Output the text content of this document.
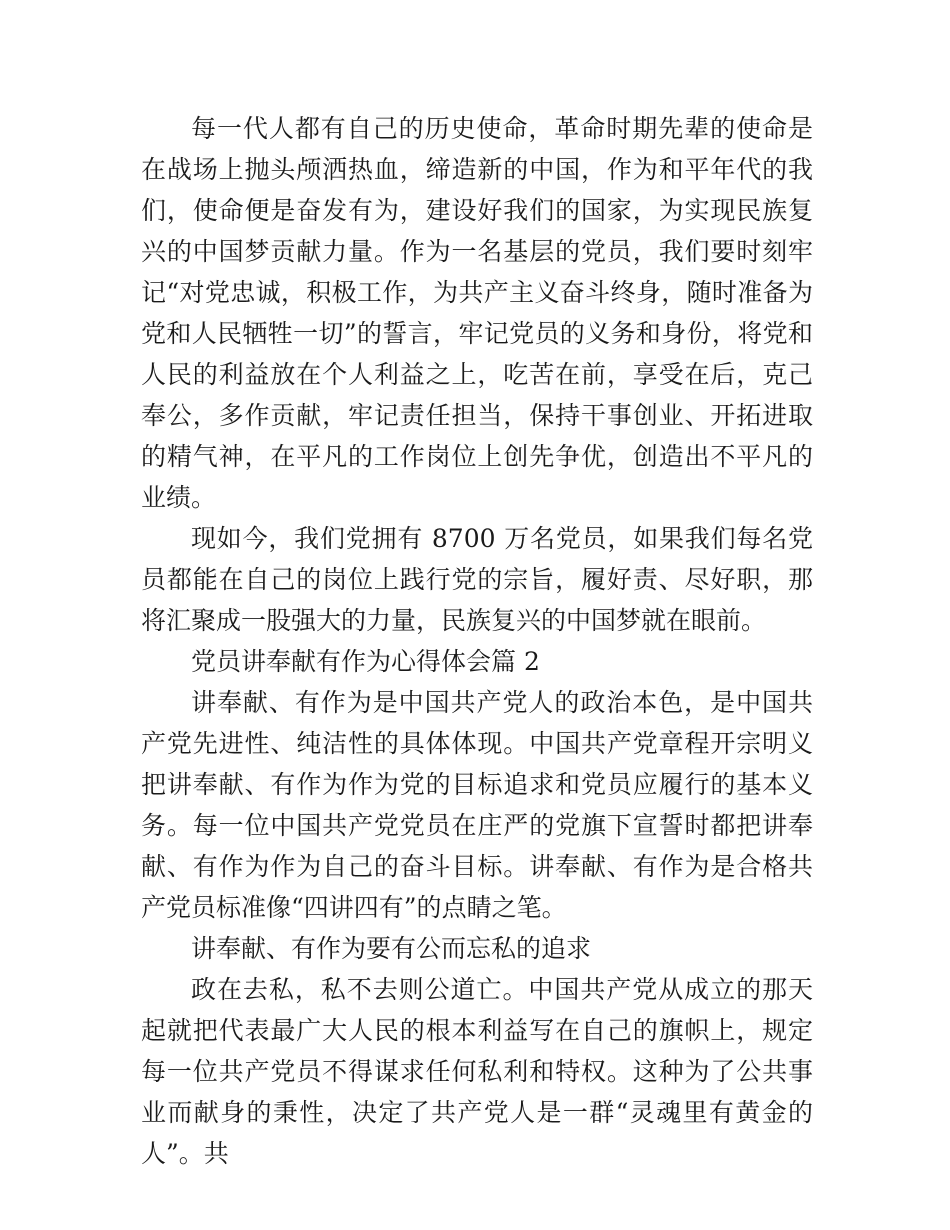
每一代人都有自己的历史使命，革命时期先辈的使命是在战场上抛头颅洒热血，缔造新的中国，作为和平年代的我们，使命便是奋发有为，建设好我们的国家，为实现民族复兴的中国梦贡献力量。作为一名基层的党员，我们要时刻牢记“对党忠诚，积极工作，为共产主义奋斗终身，随时准备为党和人民牺牲一切”的誓言，牢记党员的义务和身份，将党和人民的利益放在个人利益之上，吃苦在前，享受在后，克己奉公，多作贡献，牢记责任担当，保持干事创业、开拓进取的精气神，在平凡的工作岗位上创先争优，创造出不平凡的业绩。

现如今，我们党拥有 8700 万名党员，如果我们每名党员都能在自己的岗位上践行党的宗旨，履好责、尽好职，那将汇聚成一股强大的力量，民族复兴的中国梦就在眼前。

党员讲奉献有作为心得体会篇 2

讲奉献、有作为是中国共产党人的政治本色，是中国共产党先进性、纯洁性的具体体现。中国共产党章程开宗明义把讲奉献、有作为作为党的目标追求和党员应履行的基本义务。每一位中国共产党党员在庄严的党旗下宣誓时都把讲奉献、有作为作为自己的奋斗目标。讲奉献、有作为是合格共产党员标准像“四讲四有”的点睛之笔。

讲奉献、有作为要有公而忘私的追求

政在去私，私不去则公道亡。中国共产党从成立的那天起就把代表最广大人民的根本利益写在自己的旗帜上，规定每一位共产党员不得谋求任何私利和特权。这种为了公共事业而献身的秉性，决定了共产党人是一群“灵魂里有黄金的人”。共
